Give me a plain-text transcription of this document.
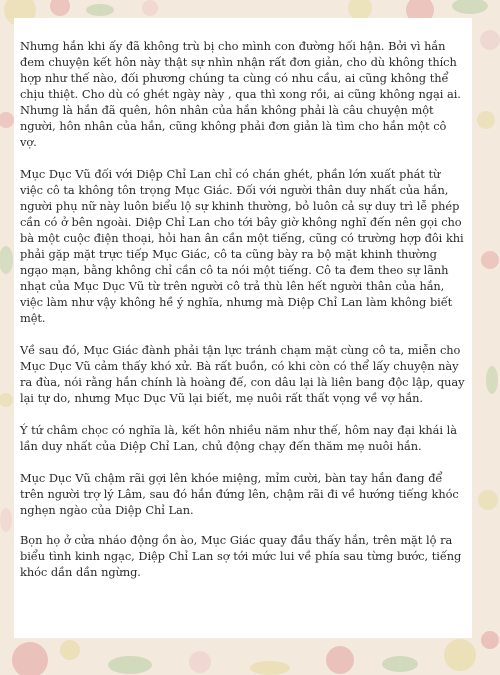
Nhưng hắn khi ấy đã không trù bị cho mình con đường hối hận. Bởi vì hắn đem chuyện kết hôn này thật sự nhìn nhận rất đơn giản, cho dù không thích hợp như thế nào, đối phương chúng ta cùng có nhu cầu, ai cũng không thể chịu thiệt. Cho dù có ghét ngày này , qua thì xong rồi, ai cũng không ngại ai. Nhưng là hắn đã quên, hôn nhân của hắn không phải là câu chuyện một người, hôn nhân của hắn, cũng không phải đơn giản là tìm cho hắn một cô vợ.

Mục Dục Vũ đối với Diệp Chỉ Lan chỉ có chán ghét, phần lớn xuất phát từ việc cô ta không tôn trọng Mục Giác. Đối với người thân duy nhất của hắn, người phụ nữ này luôn biểu lộ sự khinh thường, bỏ luôn cả sự duy trì lễ phép cần có ở bên ngoài. Diệp Chỉ Lan cho tới bây giờ không nghĩ đến nên gọi cho bà một cuộc điện thoại, hỏi han ân cần một tiếng, cũng có trường hợp đôi khi phải gặp mặt trực tiếp Mục Giác, cô ta cũng bày ra bộ mặt khinh thường ngạo mạn, bằng không chỉ cần cô ta nói một tiếng. Cô ta đem theo sự lãnh nhạt của Mục Dục Vũ từ trên người cô trả thù lên hết người thân của hắn, việc làm như vậy không hề ý nghĩa, nhưng mà Diệp Chỉ Lan làm không biết mệt.

Về sau đó, Mục Giác đành phải tận lực tránh chạm mặt cùng cô ta, miễn cho Mục Dục Vũ cảm thấy khó xử. Bà rất buồn, có khi còn có thể lấy chuyện này ra đùa, nói rằng hắn chính là hoàng đế, con dâu lại là liên bang độc lập, quay lại tự do, nhưng Mục Dục Vũ lại biết, mẹ nuôi rất thất vọng về vợ hắn.

Ý tứ châm chọc có nghĩa là, kết hôn nhiều năm như thế, hôm nay đại khái là lần duy nhất của Diệp Chỉ Lan, chủ động chạy đến thăm mẹ nuôi hắn.

Mục Dục Vũ chậm rãi gợi lên khóe miệng, mỉm cười, bàn tay hắn đang để trên người trợ lý Lâm, sau đó hắn đứng lên, chậm rãi đi về hướng tiếng khóc nghẹn ngào của Diệp Chỉ Lan.

Bọn họ ở cửa nháo động ồn ào, Mục Giác quay đầu thấy hắn, trên mặt lộ ra biểu tình kinh ngạc, Diệp Chỉ Lan sợ tới mức lui về phía sau từng bước, tiếng khóc dần dần ngừng.
